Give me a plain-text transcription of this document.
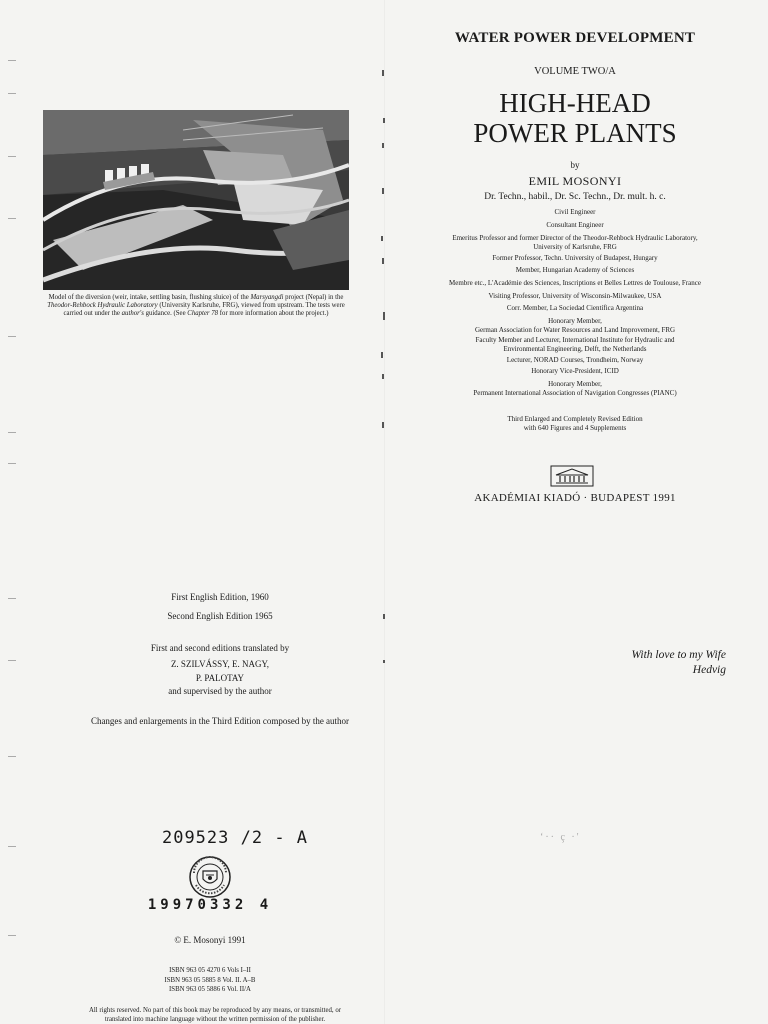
Model of the diversion (weir, intake, settling basin, flushing sluice) of the Marsyangdi project (Nepal) in the Theodor-Rehbock Hydraulic Laboratory (University Karlsruhe, FRG), viewed from upstream. The tests were carried out under the author's guidance. (See Chapter 78 for more information about the project.)
WATER POWER DEVELOPMENT
VOLUME TWO/A
HIGH-HEAD
POWER PLANTS
by
EMIL MOSONYI
Dr. Techn., habil., Dr. Sc. Techn., Dr. mult. h. c.
Civil Engineer
Consultant Engineer
Emeritus Professor and former Director of the Theodor-Rehbock Hydraulic Laboratory,
University of Karlsruhe, FRG
Former Professor, Techn. University of Budapest, Hungary
Member, Hungarian Academy of Sciences
Membre etc., L'Académie des Sciences, Inscriptions et Belles Lettres de Toulouse, France
Visiting Professor, University of Wisconsin-Milwaukee, USA
Corr. Member, La Sociedad Científica Argentina
Honorary Member,
German Association for Water Resources and Land Improvement, FRG
Faculty Member and Lecturer, International Institute for Hydraulic and
Environmental Engineering, Delft, the Netherlands
Lecturer, NORAD Courses, Trondheim, Norway
Honorary Vice-President, ICID
Honorary Member,
Permanent International Association of Navigation Congresses (PIANC)
Third Enlarged and Completely Revised Edition
with 640 Figures and 4 Supplements
AKADÉMIAI KIADÓ · BUDAPEST 1991
First English Edition, 1960
Second English Edition 1965
First and second editions translated by
Z. SZILVÁSSY, E. NAGY,
P. PALOTAY
and supervised by the author
Changes and enlargements in the Third Edition composed by the author
209523 /2 - A
19970332 4
© E. Mosonyi 1991
ISBN 963 05 4270 6 Vols I–II
ISBN 963 05 5885 8 Vol. II. A–B
ISBN 963 05 5886 6 Vol. II/A
All rights reserved. No part of this book may be reproduced by any means, or transmitted, or
translated into machine language without the written permission of the publisher.
With love to my Wife
Hedvig
‘·· ç ·'
